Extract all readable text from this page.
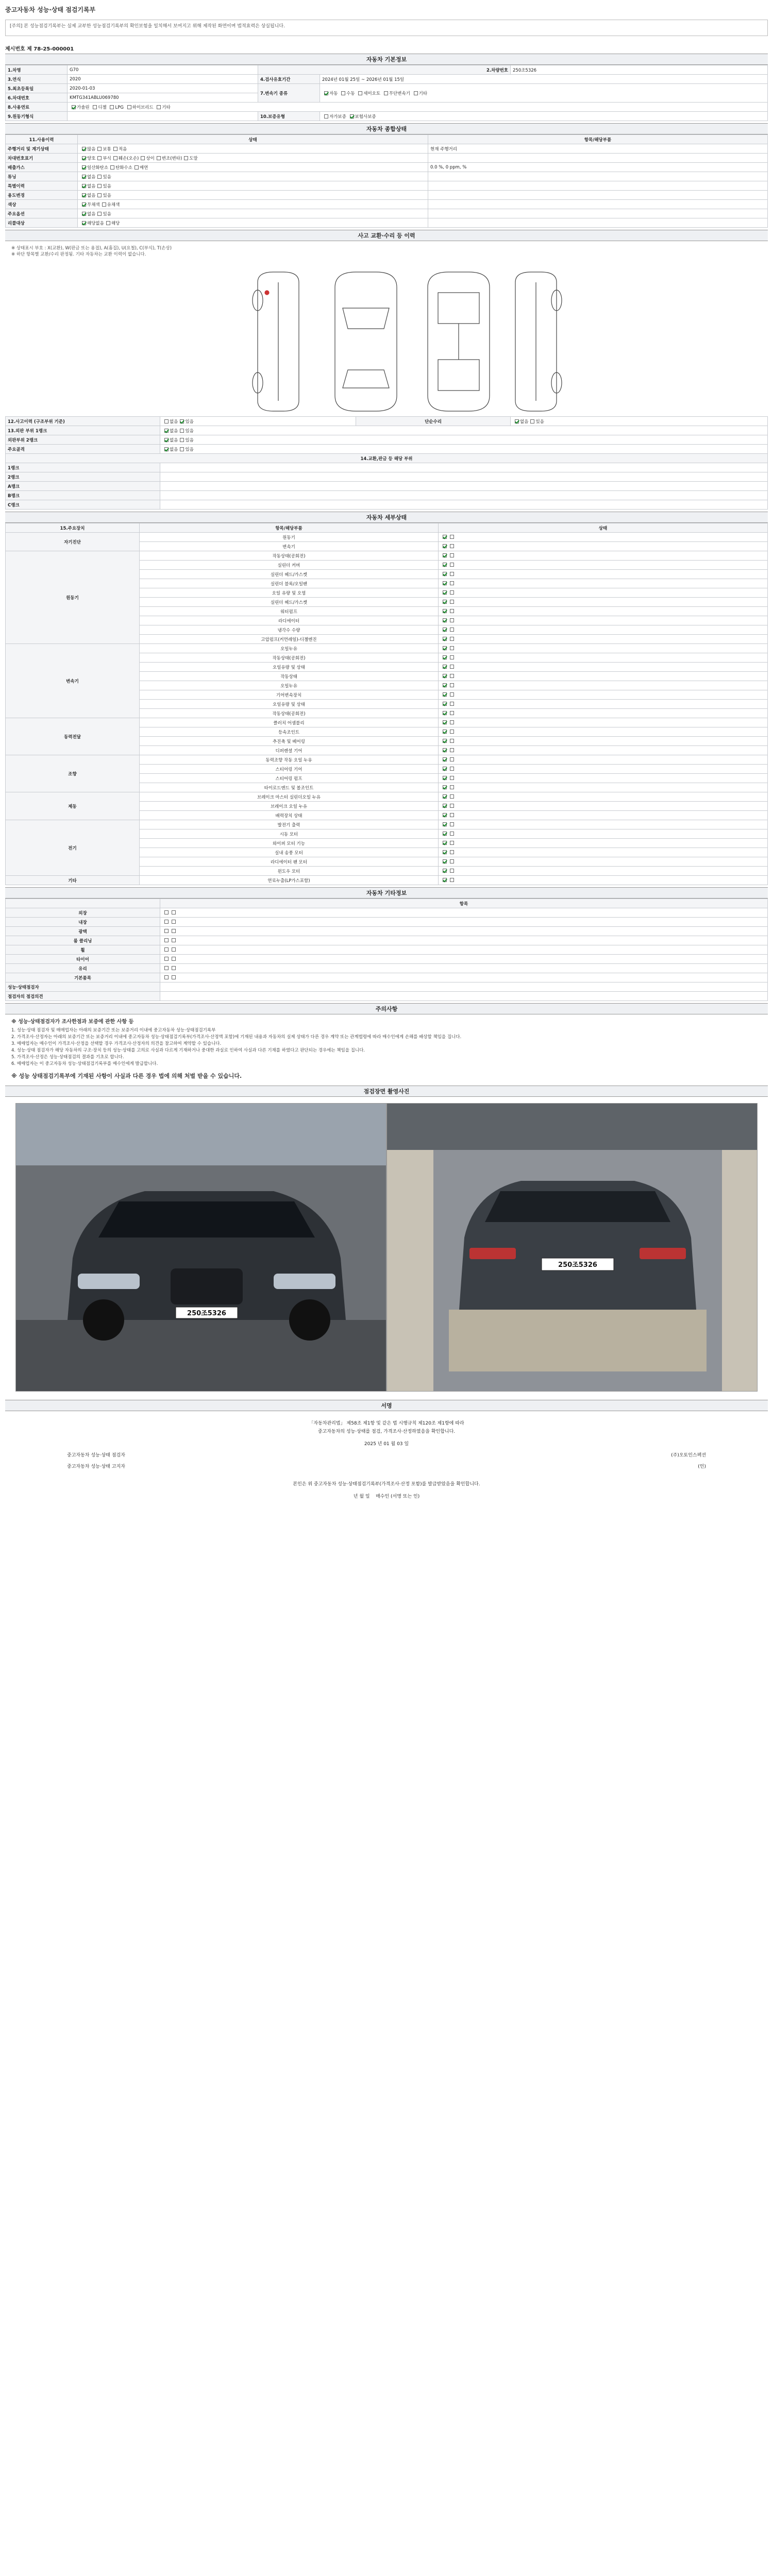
중고자동차 성능·상태 점검기록부
[주의] 본 성능점검기록부는 실제 교부한 성능점검기록부의 확인보험을 일치해서 보여지고 위해 제작된 화면이며 법적효력은 상실됩니다.
제시번호 제 78-25-000001
자동차 기본정보
1.차명	G70	2.차량번호		250조5326
3.연식	2020	4.검사유효기간	2024년 01월 25일 ~ 2026년 01월 15일	
5.최초등록일	2020-01-03	7.변속기 종류	자동 수동 세미오토 무단변속기 기타	
6.차대번호	KMTG341ABLU069780			
8.사용연료	가솔린 디젤 LPG 하이브리드 기타			
9.원동기형식		10.보증유형	자가보증 보험사보증	
자동차 종합상태
11.사용이력	상태	항목/해당부품
주행거리 및 계기상태	많음 보통 적음	현재 주행거리
차대번호표기	양호 부식 훼손(오손) 상이 변조(변타) 도말	
배출가스	일산화탄소 탄화수소 매연	0.0 %, 0 ppm, %
튜닝	없음 있음	
특별이력	없음 있음	
용도변경	없음 있음	
색상	무채색 유채색	
주요옵션	없음 있음	
리콜대상	해당없음 해당	
사고 교환·수리 등 이력
※ 상태표시 부호 : X(교환), W(판금 또는 용접), A(흠집), U(요철), C(부식), T(손상)
※ 하단 항목별 교환/수리 판정됨. 기타 자동차는 교환 이력이 없습니다.
12.사고이력 (구조부위 기준)	없음 있음	단순수리	없음 있음
13.외판 부위 1랭크	없음 있음		
외판부위 2랭크	없음 있음		
주요골격	없음 있음		
14.교환,판금 등 해당 부위			
1랭크			
2랭크			
A랭크			
B랭크			
C랭크			
자동차 세부상태
15.주요장치	항목/해당부품	상태
자기진단	원동기	
	변속기	
원동기	작동상태(공회전)	
	실린더 커버	
	실린더 헤드/가스켓	
	실린더 블록/오일팬	
	오일 유량 및 오염	
	실린더 헤드/가스켓	
	워터펌프	
	라디에이터	
	냉각수 수량	
	고압펌프(커먼레일)-디젤엔진	
변속기	오일누유	
	작동상태(공회전)	
	오일유량 및 상태	
	작동상태	
	오일누유	
	기어변속장치	
	오일유량 및 상태	
	작동상태(공회전)	
동력전달	클러치 어셈블리	
	등속조인트	
	추진축 및 베어링	
	디퍼렌셜 기어	
조향	동력조향 작동 오일 누유	
	스티어링 기어	
	스티어링 펌프	
	타이로드엔드 및 볼조인트	
제동	브레이크 마스터 실린더오일 누유	
	브레이크 오일 누유	
	배력장치 상태	
전기	발전기 출력	
	시동 모터	
	와이퍼 모터 기능	
	실내 송풍 모터	
	라디에이터 팬 모터	
	윈도우 모터	
기타	연료누출(LP가스포함)	
자동차 기타정보
	항목
외장	
내장	
광택	
룸 클리닝	
휠	
타이어	
유리	
기본품목	
성능·상태점검자	
점검자의 점검의견	
주의사항
※ 성능·상태점검자가 조사한점과 보증에 관한 사항 등
1. 성능·상태 점검자 및 매매업자는 아래의 보증기간 또는 보증거리 이내에 중고자동차 성능·상태점검기록부
2. 가격조사·산정자는 아래의 보증기간 또는 보증거리 이내에 중고자동차 성능·상태점검기록부(가격조사·산정액 포함)에 기재된 내용과 자동차의 실제 상태가 다른 경우 계약 또는 관계법령에 따라 매수인에게 손해를 배상할 책임을 집니다.
3. 매매업자는 매수인이 가격조사·산정을 선택할 경우 가격조사·산정자의 의견을 참고하여 계약할 수 있습니다.
4. 성능·상태 점검자가 해당 자동차의 구조·장치 등의 성능·상태를 고의로 사실과 다르게 기재하거나 중대한 과실로 인하여 사실과 다른 기재를 하였다고 판단되는 경우에는 책임을 집니다.
5. 가격조사·산정은 성능·상태점검의 결과를 기초로 합니다.
6. 매매업자는 이 중고자동차 성능·상태점검기록부를 매수인에게 발급합니다.
※ 성능 상태점검기록부에 기재된 사항이 사실과 다른 경우 법에 의해 처벌 받을 수 있습니다.
점검장면 촬영사진
250조5326
250조5326
서명
「자동차관리법」 제58조 제1항 및 같은 법 시행규칙 제120조 제1항에 따라
중고자동차의 성능·상태를 점검, 가격조사·산정하였음을 확인합니다.
2025 년 01 월 03 일
중고자동차 성능·상태 점검자	(주)오토인스펙션
중고자동차 성능·상태 고지자	(인)
본인은 위 중고자동차 성능·상태점검기록부(가격조사·산정 포함)를 발급받았음을 확인합니다.
년 월 일 매수인 (서명 또는 인)
